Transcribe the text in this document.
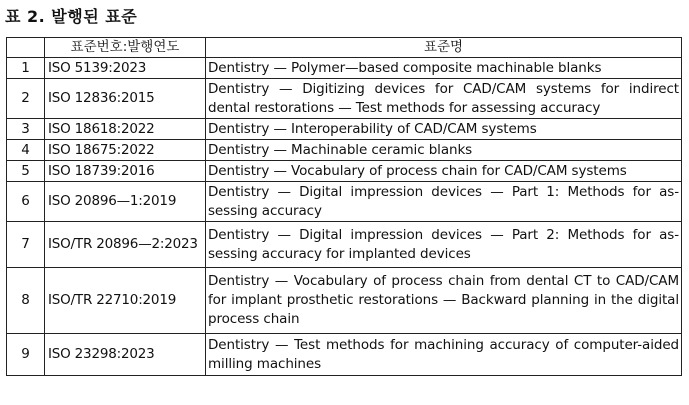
표 2. 발행된 표준
	표준번호:발행연도	표준명
1	ISO 5139:2023	Dentistry — Polymer—based composite machinable blanks
2	ISO 12836:2015	Dentistry — Digitizing devices for CAD/CAM systems for indirect dental restorations — Test methods for assessing accuracy
3	ISO 18618:2022	Dentistry — Interoperability of CAD/CAM systems
4	ISO 18675:2022	Dentistry — Machinable ceramic blanks
5	ISO 18739:2016	Dentistry — Vocabulary of process chain for CAD/CAM systems
6	ISO 20896—1:2019	Dentistry — Digital impression devices — Part 1: Methods for as-sessing accuracy
7	ISO/TR 20896—2:2023	Dentistry — Digital impression devices — Part 2: Methods for as-sessing accuracy for implanted devices
8	ISO/TR 22710:2019	Dentistry — Vocabulary of process chain from dental CT to CAD/CAM for implant prosthetic restorations — Backward planning in the digital process chain
9	ISO 23298:2023	Dentistry — Test methods for machining accuracy of computer-aided milling machines
